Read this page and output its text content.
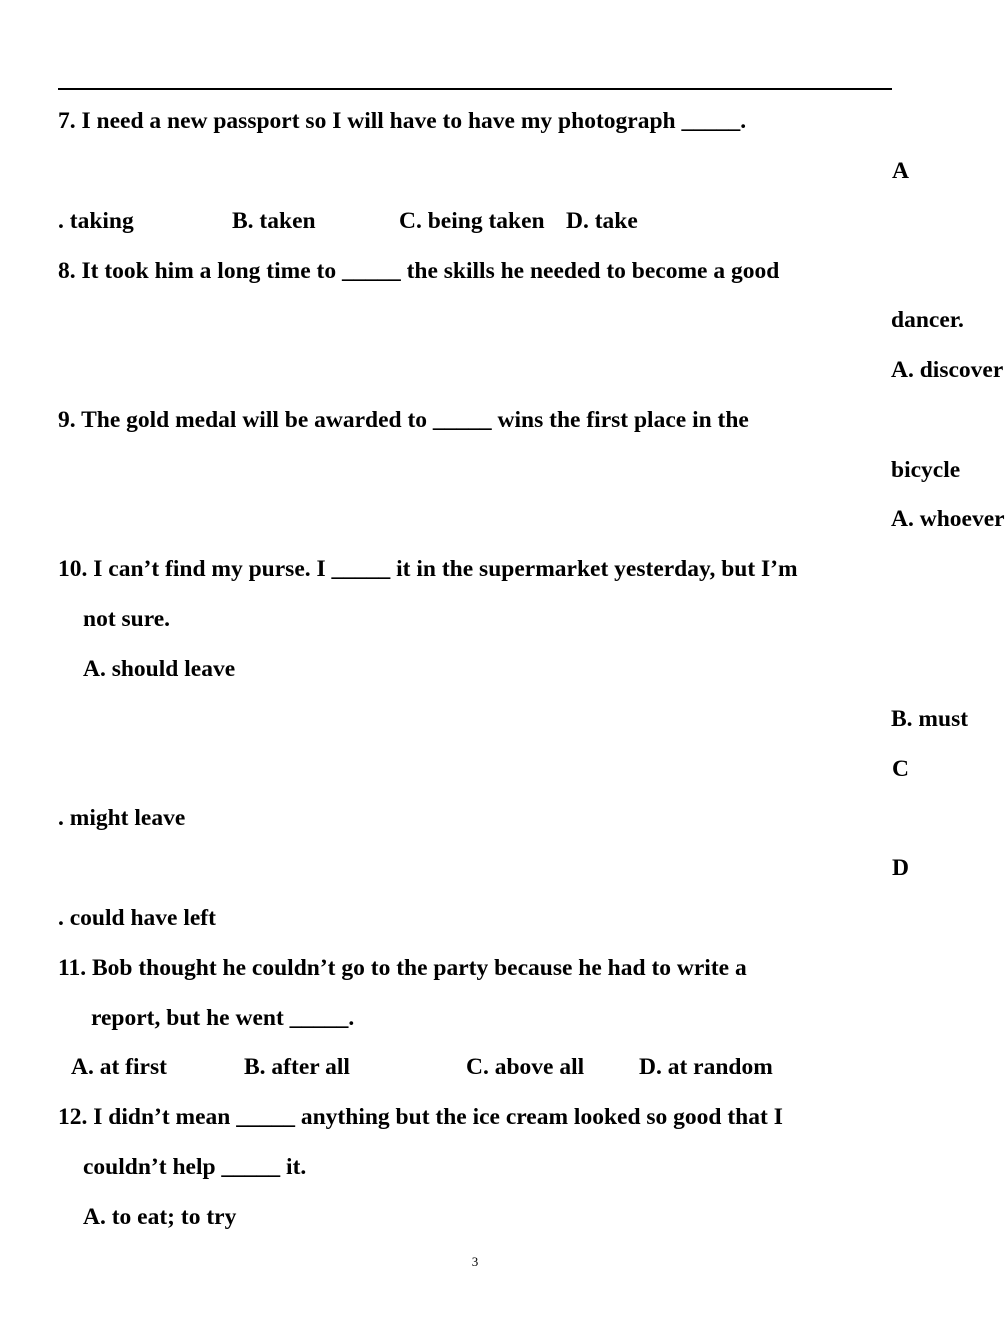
7. I need a new passport so I will have to have my photograph _____.
A
. taking	B. taken	C. being taken D. take
8. It took him a long time to _____ the skills he needed to become a good
dancer.
A. discover
9. The gold medal will be awarded to _____ wins the first place in the
bicycle
A. whoever
10. I can’t find my purse. I _____ it in the supermarket yesterday, but I’m
not sure.
A. should leave
B. must
C
. might leave
D
. could have left
11. Bob thought he couldn’t go to the party because he had to write a
report, but he went _____.
A. at first	B. after all	C. above all D. at random
12. I didn’t mean _____ anything but the ice cream looked so good that I
couldn’t help _____ it.
A. to eat; to try
3
